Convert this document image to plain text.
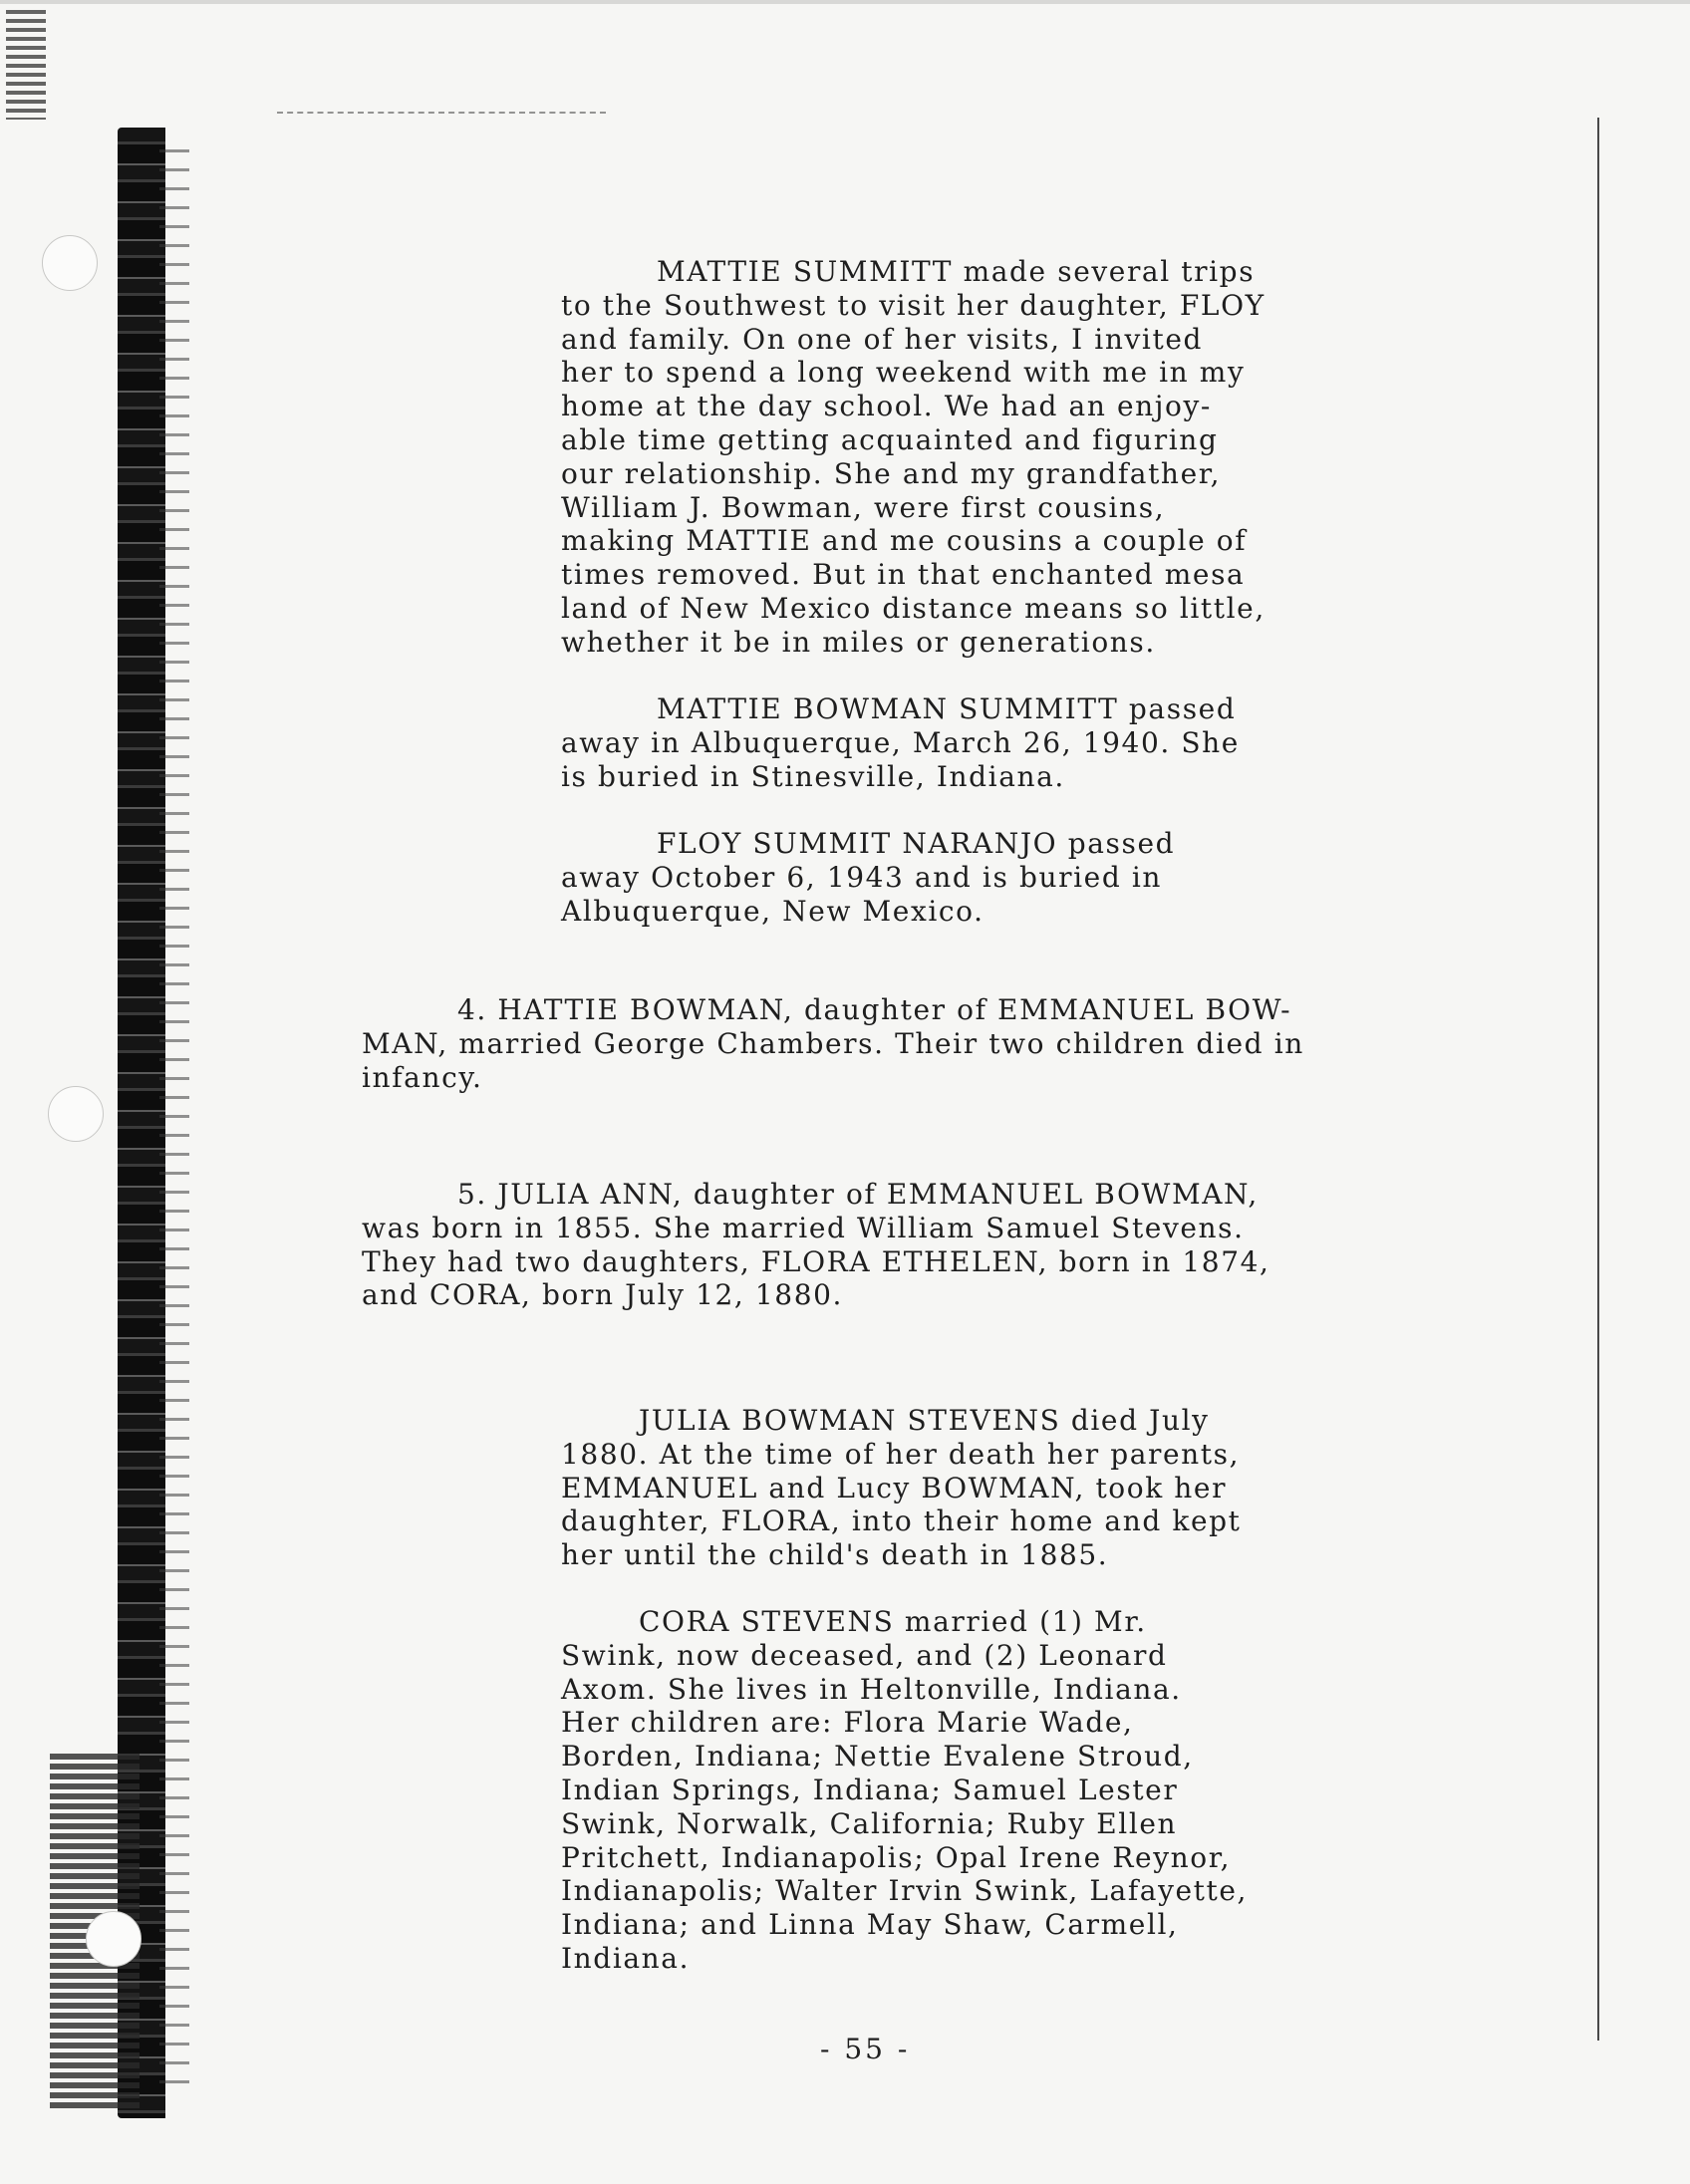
MATTIE SUMMITT made several trips
to the Southwest to visit her daughter, FLOY
and family. On one of her visits, I invited
her to spend a long weekend with me in my
home at the day school. We had an enjoy-
able time getting acquainted and figuring
our relationship. She and my grandfather,
William J. Bowman, were first cousins,
making MATTIE and me cousins a couple of
times removed. But in that enchanted mesa
land of New Mexico distance means so little,
whether it be in miles or generations.
MATTIE BOWMAN SUMMITT passed
away in Albuquerque, March 26, 1940. She
is buried in Stinesville, Indiana.
FLOY SUMMIT NARANJO passed
away October 6, 1943 and is buried in
Albuquerque, New Mexico.
4. HATTIE BOWMAN, daughter of EMMANUEL BOW-
MAN, married George Chambers. Their two children died in
infancy.
5. JULIA ANN, daughter of EMMANUEL BOWMAN,
was born in 1855. She married William Samuel Stevens.
They had two daughters, FLORA ETHELEN, born in 1874,
and CORA, born July 12, 1880.
JULIA BOWMAN STEVENS died July
1880. At the time of her death her parents,
EMMANUEL and Lucy BOWMAN, took her
daughter, FLORA, into their home and kept
her until the child's death in 1885.
CORA STEVENS married (1) Mr.
Swink, now deceased, and (2) Leonard
Axom. She lives in Heltonville, Indiana.
Her children are: Flora Marie Wade,
Borden, Indiana; Nettie Evalene Stroud,
Indian Springs, Indiana; Samuel Lester
Swink, Norwalk, California; Ruby Ellen
Pritchett, Indianapolis; Opal Irene Reynor,
Indianapolis; Walter Irvin Swink, Lafayette,
Indiana; and Linna May Shaw, Carmell,
Indiana.
- 55 -
